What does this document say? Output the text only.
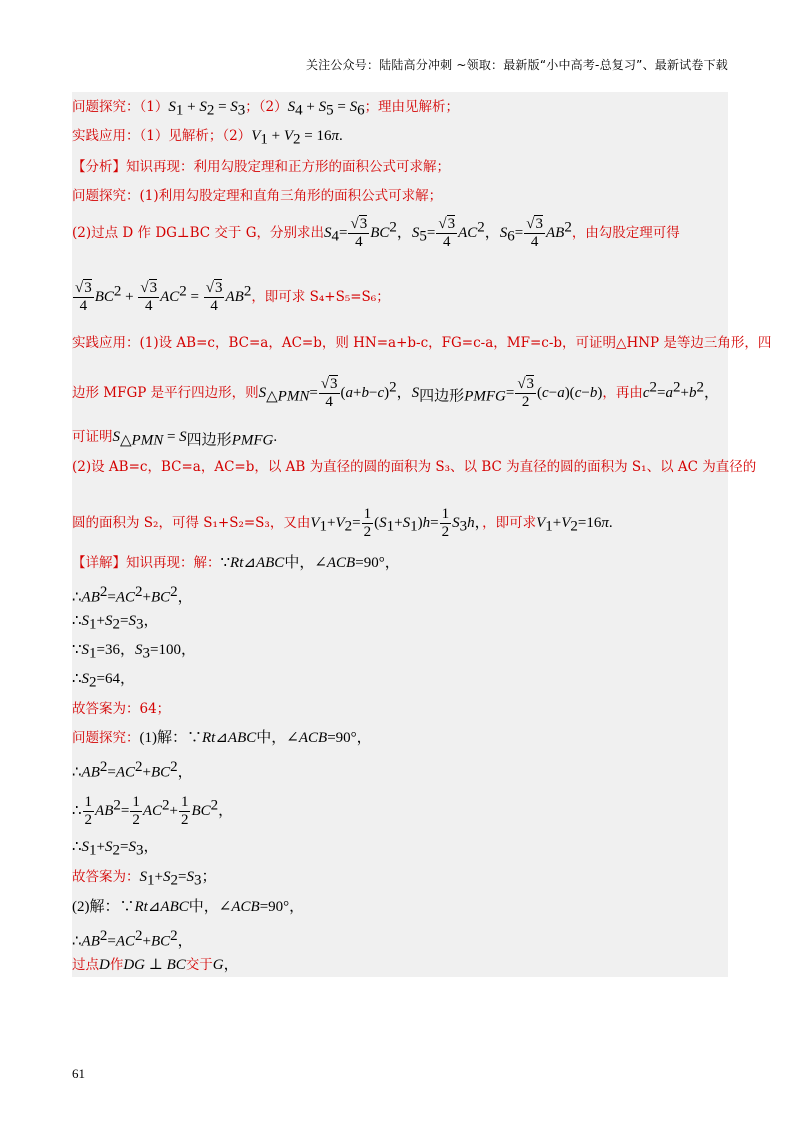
关注公众号：陆陆高分冲刺 ~领取：最新版“小中高考-总复习”、最新试卷下载
问题探究：$(1)S_1 + S_2 = S_3$；$(2)S_4 + S_5 = S_6$；理由见解析；
实践应用：（1）见解析；$(2)V_1 + V_2 = 16\pi$.
【分析】知识再现：利用勾股定理和正方形的面积公式可求解；
问题探究：(1)利用勾股定理和直角三角形的面积公式可求解；
(2)过点 D 作 DG⊥BC 交于 G，分别求出$S_4= \frac{√3}{4} BC^2$，$S_5= \frac{√3}{4} AC^2$，$S_6= \frac{√3}{4} AB^2$，由勾股定理可得
$\frac{√3}{4} BC^2 + \frac{√3}{4} AC^2 = \frac{√3}{4} AB^2$，即可求 S₄+S₅=S₆；
实践应用：(1)设 AB=c，BC=a，AC=b，则 HN=a+b-c，FG=c-a，MF=c-b，可证明△HNP 是等边三角形，四
边形 MFGP 是平行四边形，则$S_{\triangle PMN}= \frac{√3}{4} (a+b-c)^2$，$S_{四边形PMFG}= \frac{√3}{2} (c-a)(c-b)$，再由$c^2=a^2+b^2$，
可证明$S_{\triangle PMN} = S_{四边形PMFG}$.
(2)设 AB=c，BC=a，AC=b，以 AB 为直径的圆的面积为 S₃、以 BC 为直径的圆的面积为 S₁、以 AC 为直径的
圆的面积为 S₂，可得 S₁+S₂=S₃，又由$V_1+V_2= \frac{1}{2} (S_1+S_1)h= \frac{1}{2} S_3h$，，即可求$V_1+V_2=16\pi$.
【详解】知识再现：解：∵Rt⊿ABC中，∠ACB=90°，
$\therefore AB^2=AC^2+BC^2$，
$\therefore S_1+S_2=S_3$，
$\because S_1=36$，$S_3=100$，
$\therefore S_2=64$，
故答案为：64；
问题探究：(1)解：∵Rt⊿ABC中，∠ACB=90°，
$\therefore AB^2=AC^2+BC^2$，
∴ $\frac{1}{2} AB^2= \frac{1}{2} AC^2+ \frac{1}{2} BC^2$，
$\therefore S_1+S_2=S_3$，
故答案为：$S_1+S_2=S_3$；
(2)解：∵Rt⊿ABC中，∠ACB=90°，
$\therefore AB^2=AC^2+BC^2$，
过点D作DG ⊥ BC交于G，
61
